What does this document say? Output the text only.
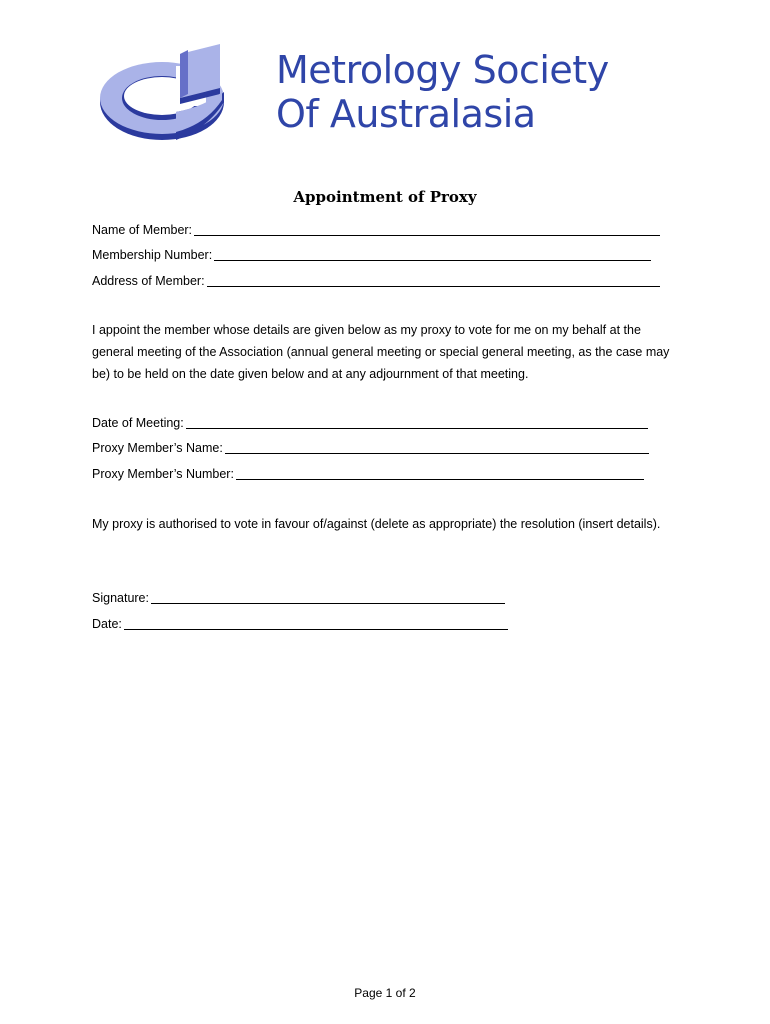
Metrology Society
Of Australasia
Appointment of Proxy
Name of Member:
Membership Number:
Address of Member:

I appoint the member whose details are given below as my proxy to vote for me on my behalf at the general meeting of the Association (annual general meeting or special general meeting, as the case may be) to be held on the date given below and at any adjournment of that meeting.

Date of Meeting:
Proxy Member’s Name:
Proxy Member’s Number:

My proxy is authorised to vote in favour of/against (delete as appropriate) the resolution (insert details).

Signature:
Date:
Page 1 of 2
